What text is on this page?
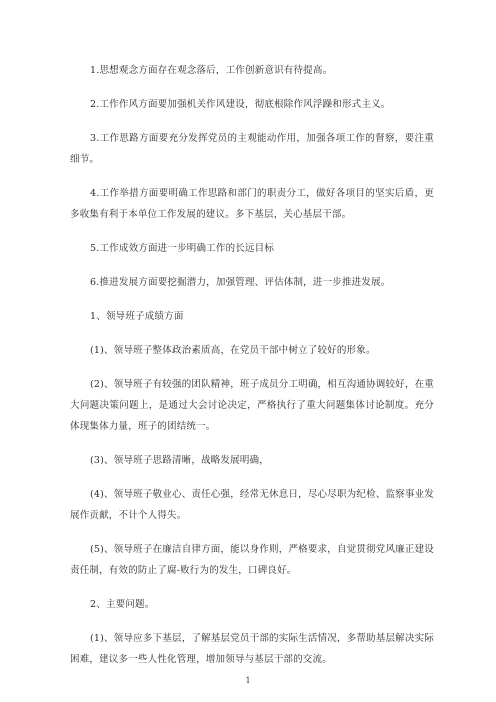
1.思想观念方面存在观念落后，工作创新意识有待提高。

2.工作作风方面要加强机关作风建设，彻底根除作风浮躁和形式主义。

3.工作思路方面要充分发挥党员的主观能动作用，加强各项工作的督察，要注重细节。

4.工作举措方面要明确工作思路和部门的职责分工，做好各项目的坚实后盾，更多收集有利于本单位工作发展的建议。多下基层，关心基层干部。

5.工作成效方面进一步明确工作的长远目标

6.推进发展方面要挖掘潜力，加强管理、评估体制，进一步推进发展。

1、领导班子成绩方面

(1)、领导班子整体政治素质高，在党员干部中树立了较好的形象。

(2)、领导班子有较强的团队精神，班子成员分工明确，相互沟通协调较好，在重大问题决策问题上，是通过大会讨论决定，严格执行了重大问题集体讨论制度。充分体现集体力量，班子的团结统一。

(3)、领导班子思路清晰，战略发展明确，

(4)、领导班子敬业心、责任心强，经常无休息日，尽心尽职为纪检、监察事业发展作贡献，不计个人得失。

(5)、领导班子在廉洁自律方面，能以身作则，严格要求，自觉贯彻党风廉正建设责任制，有效的防止了腐-败行为的发生，口碑良好。

2、主要问题。

(1)、领导应多下基层，了解基层党员干部的实际生活情况，多帮助基层解决实际困难，建议多一些人性化管理，增加领导与基层干部的交流。

1
